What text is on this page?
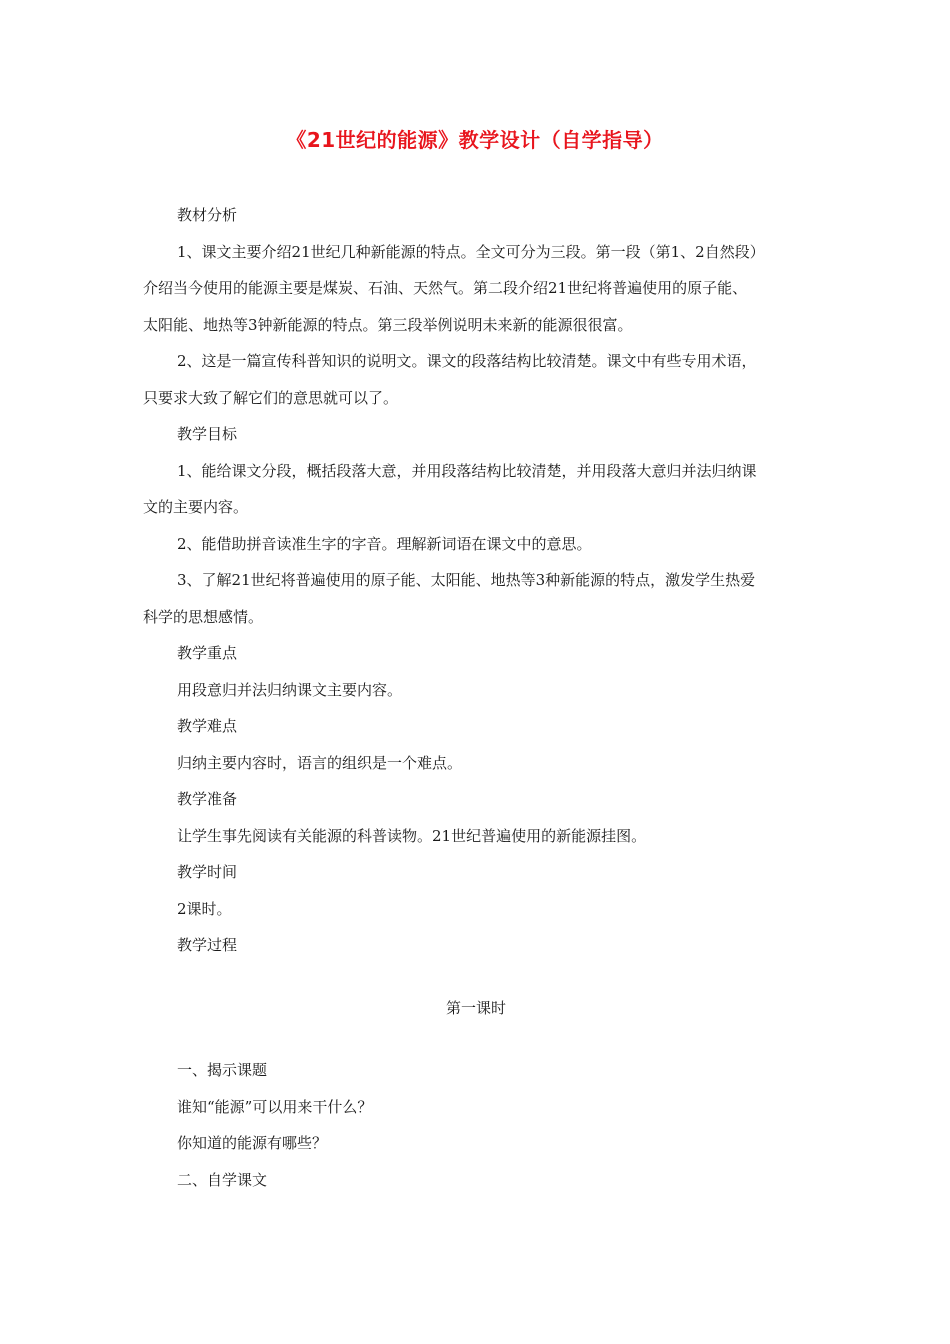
《21世纪的能源》教学设计（自学指导）

教材分析

1、课文主要介绍21世纪几种新能源的特点。全文可分为三段。第一段（第1、2自然段）

介绍当今使用的能源主要是煤炭、石油、天然气。第二段介绍21世纪将普遍使用的原子能、

太阳能、地热等3钟新能源的特点。第三段举例说明未来新的能源很很富。

2、这是一篇宣传科普知识的说明文。课文的段落结构比较清楚。课文中有些专用术语，

只要求大致了解它们的意思就可以了。

教学目标

1、能给课文分段，概括段落大意，并用段落结构比较清楚，并用段落大意归并法归纳课

文的主要内容。

2、能借助拼音读准生字的字音。理解新词语在课文中的意思。

3、了解21世纪将普遍使用的原子能、太阳能、地热等3种新能源的特点，激发学生热爱

科学的思想感情。

教学重点

用段意归并法归纳课文主要内容。

教学难点

归纳主要内容时，语言的组织是一个难点。

教学准备

让学生事先阅读有关能源的科普读物。21世纪普遍使用的新能源挂图。

教学时间

2课时。

教学过程

第一课时

一、揭示课题

谁知“能源”可以用来干什么？

你知道的能源有哪些？

二、自学课文
